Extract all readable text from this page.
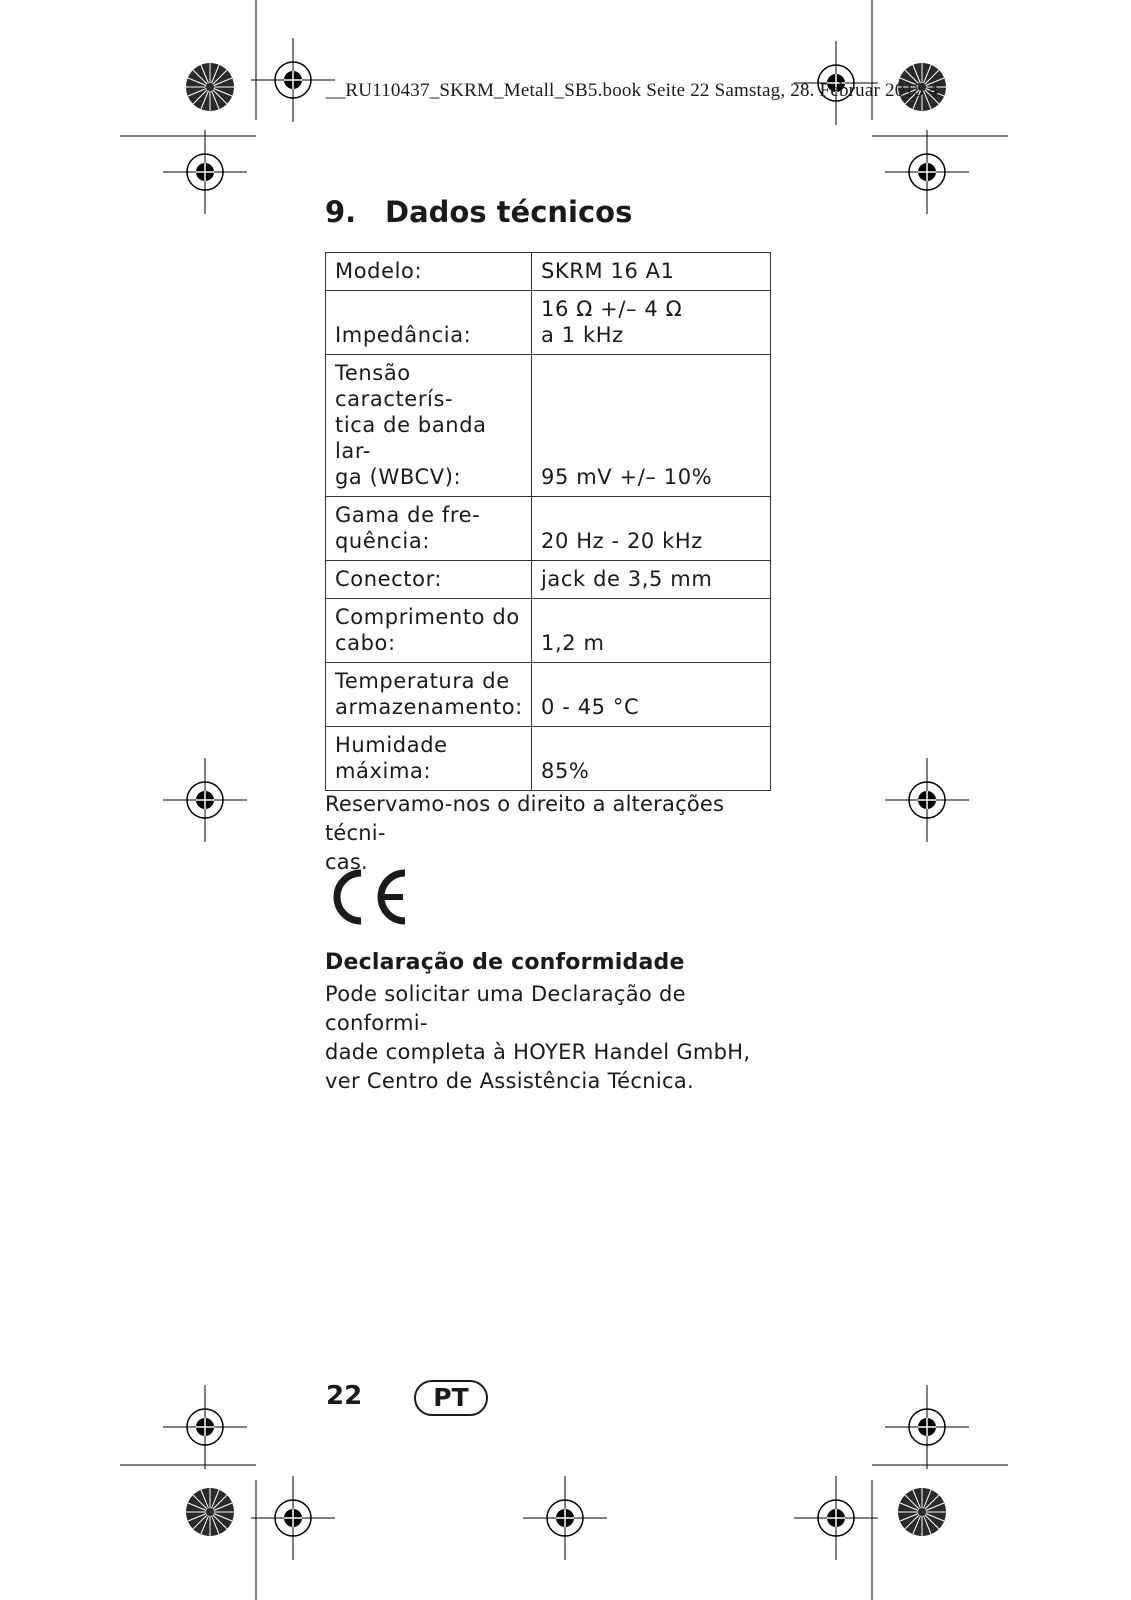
__RU110437_SKRM_Metall_SB5.book Seite 22 Samstag, 28. Februar 2015 4
9. Dados técnicos
Modelo:	SKRM 16 A1
Impedância:	16 Ω +/– 4 Ω
a 1 kHz
Tensão caracterís-
tica de banda lar-
ga (WBCV):	95 mV +/– 10%
Gama de fre-
quência:	20 Hz - 20 kHz
Conector:	jack de 3,5 mm
Comprimento do
cabo:	1,2 m
Temperatura de
armazenamento:	0 - 45 °C
Humidade
máxima:	85%

Reservamo-nos o direito a alterações técni-
cas.

Declaração de conformidade

Pode solicitar uma Declaração de conformi-
dade completa à HOYER Handel GmbH,
ver Centro de Assistência Técnica.

22	PT
